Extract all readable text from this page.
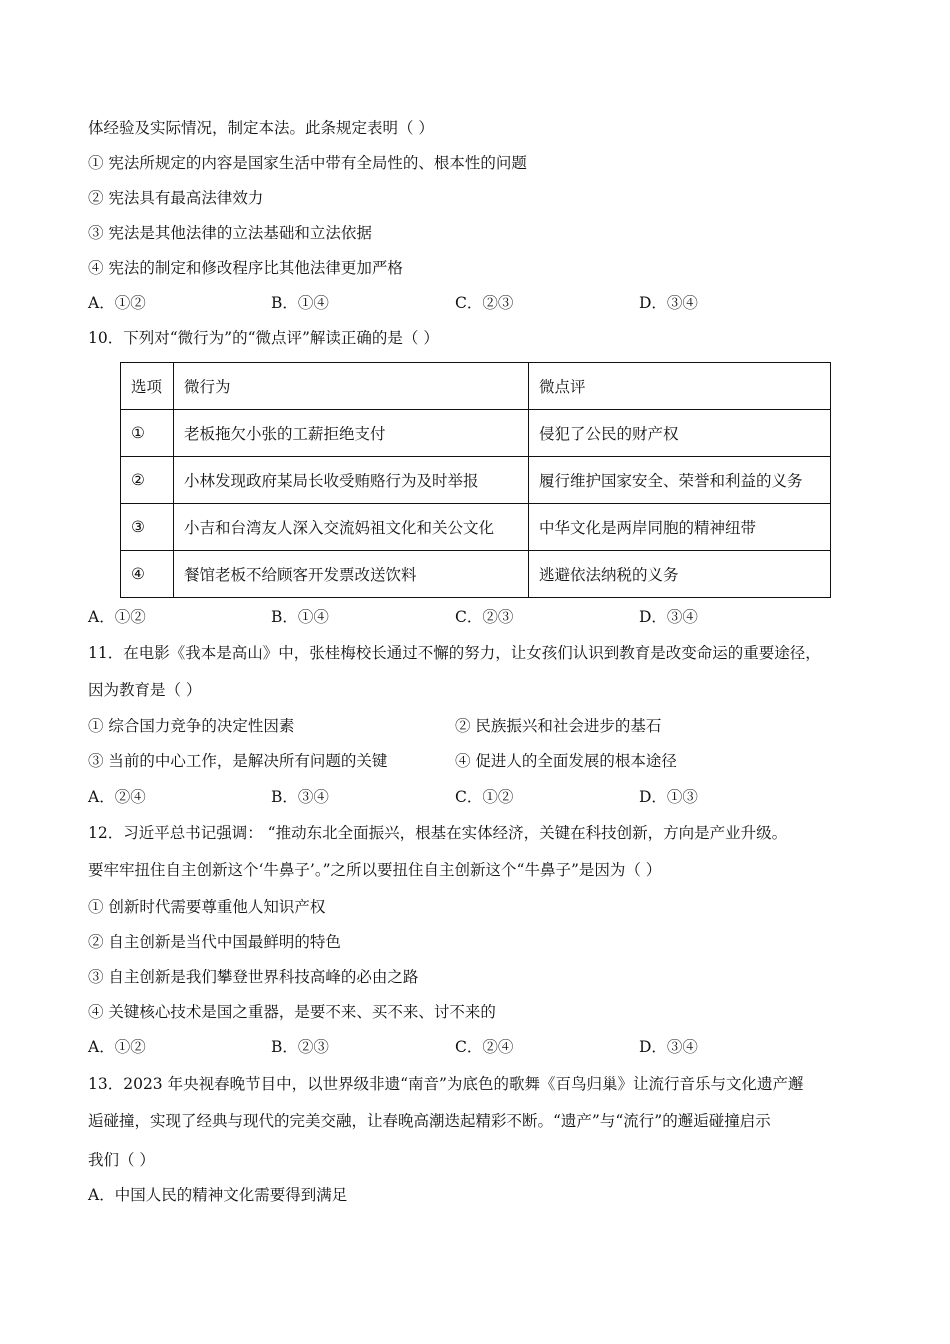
体经验及实际情况，制定本法。此条规定表明（ ）
① 宪法所规定的内容是国家生活中带有全局性的、根本性的问题
② 宪法具有最高法律效力
③ 宪法是其他法律的立法基础和立法依据
④ 宪法的制定和修改程序比其他法律更加严格
A．①②	B．①④	C．②③	D．③④
10．下列对“微行为”的“微点评”解读正确的是（ ）
选项	微行为	微点评
①	老板拖欠小张的工薪拒绝支付	侵犯了公民的财产权
②	小林发现政府某局长收受贿赂行为及时举报	履行维护国家安全、荣誉和利益的义务
③	小吉和台湾友人深入交流妈祖文化和关公文化	中华文化是两岸同胞的精神纽带
④	餐馆老板不给顾客开发票改送饮料	逃避依法纳税的义务
A．①②	B．①④	C．②③	D．③④
11．在电影《我本是高山》中，张桂梅校长通过不懈的努力，让女孩们认识到教育是改变命运的重要途径，
因为教育是（ ）
① 综合国力竞争的决定性因素	② 民族振兴和社会进步的基石
③ 当前的中心工作，是解决所有问题的关键	④ 促进人的全面发展的根本途径
A．②④	B．③④	C．①②	D．①③
12．习近平总书记强调： “推动东北全面振兴，根基在实体经济，关键在科技创新，方向是产业升级。
要牢牢扭住自主创新这个‘牛鼻子’。”之所以要扭住自主创新这个“牛鼻子”是因为（ ）
① 创新时代需要尊重他人知识产权
② 自主创新是当代中国最鲜明的特色
③ 自主创新是我们攀登世界科技高峰的必由之路
④ 关键核心技术是国之重器，是要不来、买不来、讨不来的
A．①②	B．②③	C．②④	D．③④
13．2023 年央视春晚节目中，以世界级非遗“南音”为底色的歌舞《百鸟归巢》让流行音乐与文化遗产邂
逅碰撞，实现了经典与现代的完美交融，让春晚高潮迭起精彩不断。“遗产”与“流行”的邂逅碰撞启示
我们（ ）
A．中国人民的精神文化需要得到满足
